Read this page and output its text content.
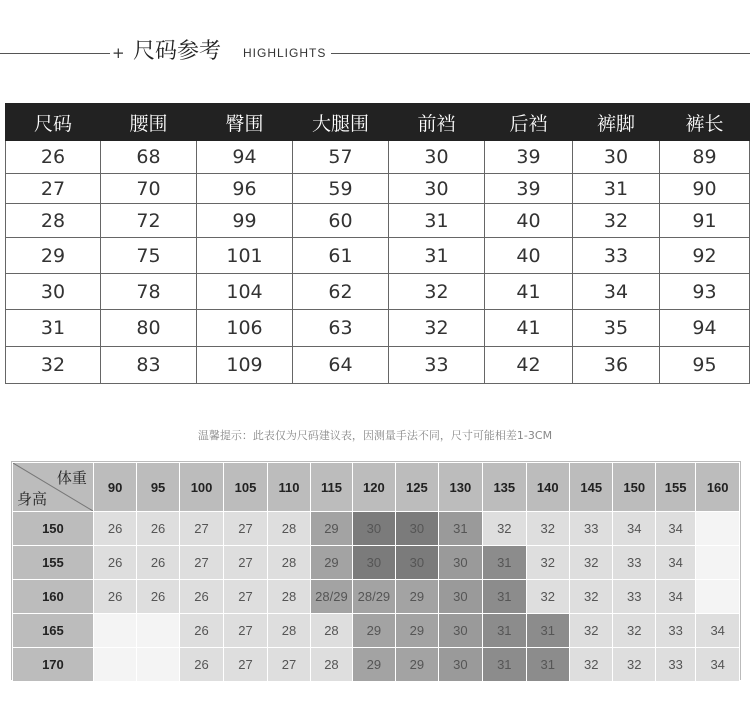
+ 尺码参考 HIGHLIGHTS
尺码	腰围	臀围	大腿围	前裆	后裆	裤脚	裤长
26	68	94	57	30	39	30	89
27	70	96	59	30	39	31	90
28	72	99	60	31	40	32	91
29	75	101	61	31	40	33	92
30	78	104	62	32	41	34	93
31	80	106	63	32	41	35	94
32	83	109	64	33	42	36	95
温馨提示：此表仅为尺码建议表，因测量手法不同，尺寸可能相差1-3CM
体重
身高	90	95	100	105	110	115	120	125	130	135	140	145	150	155	160
150	26	26	27	27	28	29	30	30	31	32	32	33	34	34	
155	26	26	27	27	28	29	30	30	30	31	32	32	33	34	
160	26	26	26	27	28	28/29	28/29	29	30	31	32	32	33	34	
165			26	27	28	28	29	29	30	31	31	32	32	33	34
170			26	27	27	28	29	29	30	31	31	32	32	33	34
